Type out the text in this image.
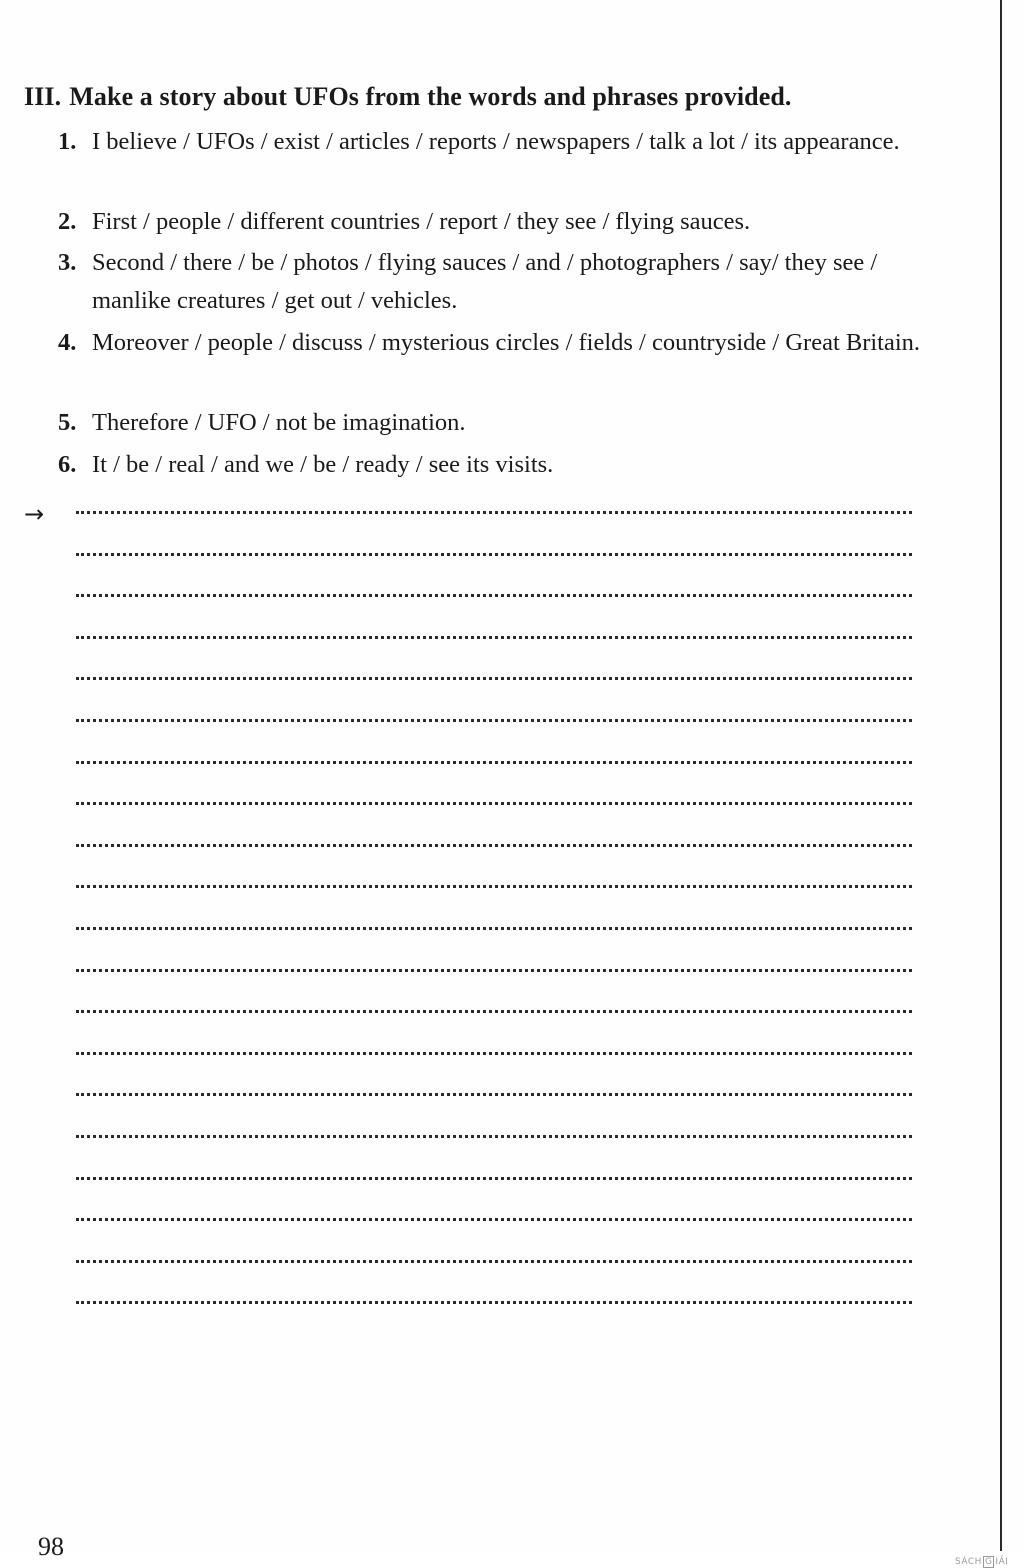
III. Make a story about UFOs from the words and phrases provided.
1. I believe / UFOs / exist / articles / reports / newspapers / talk a lot / its appearance.
2. First / people / different countries / report / they see / flying sauces.
3. Second / there / be / photos / flying sauces / and / photographers / say/ they see / manlike creatures / get out / vehicles.
4. Moreover / people / discuss / mysterious circles / fields / countryside / Great Britain.
5. Therefore / UFO / not be imagination.
6. It / be / real / and we / be / ready / see its visits.
→
98
SÁCH G IẢI
